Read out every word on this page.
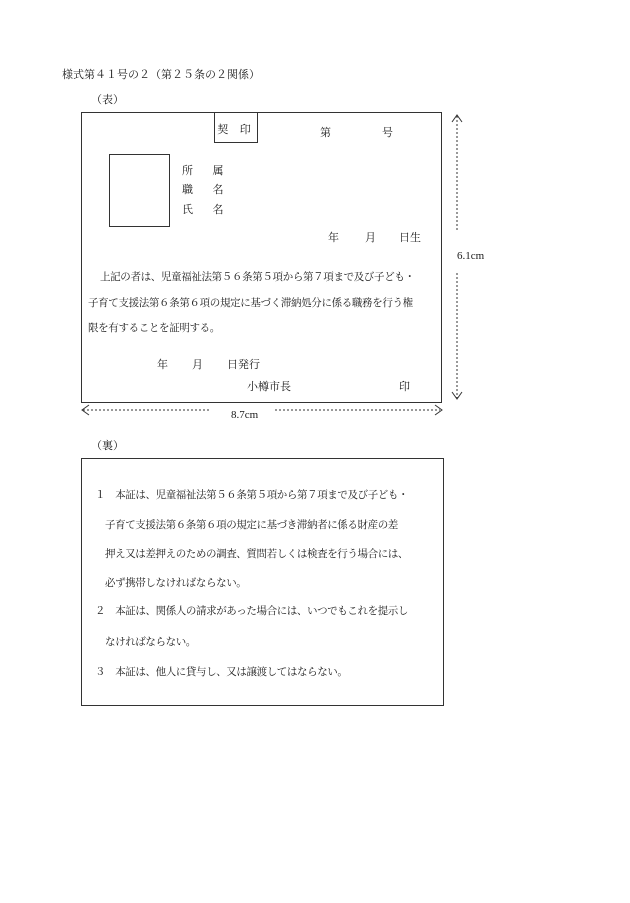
様式第４１号の２（第２５条の２関係）
（表）
契 印	第	号
所 属
職 名
氏 名
年 月 日生
上記の者は、児童福祉法第５６条第５項から第７項まで及び子ども・
子育て支援法第６条第６項の規定に基づく滞納処分に係る職務を行う権
限を有することを証明する。
年 月 日発行
小樽市長	印
6.1cm
8.7cm
（裏）
１　本証は、児童福祉法第５６条第５項から第７項まで及び子ども・
子育て支援法第６条第６項の規定に基づき滞納者に係る財産の差
押え又は差押えのための調査、質問若しくは検査を行う場合には、
必ず携帯しなければならない。
２　本証は、関係人の請求があった場合には、いつでもこれを提示し
なければならない。
３　本証は、他人に貸与し、又は譲渡してはならない。
